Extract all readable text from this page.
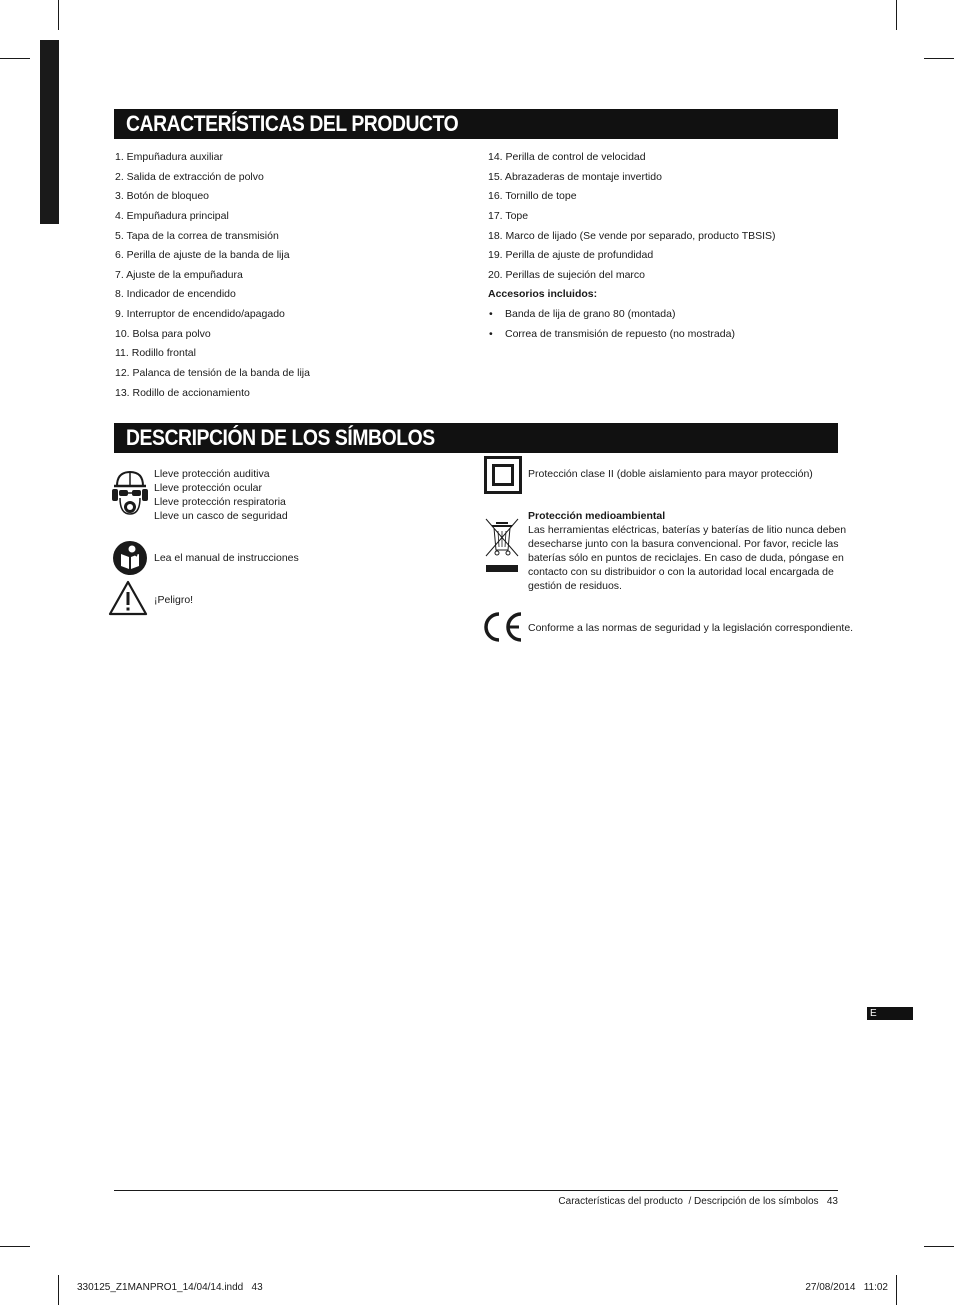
CARACTERÍSTICAS DEL PRODUCTO
1. Empuñadura auxiliar
2. Salida de extracción de polvo
3. Botón de bloqueo
4. Empuñadura principal
5. Tapa de la correa de transmisión
6. Perilla de ajuste de la banda de lija
7. Ajuste de la empuñadura
8. Indicador de encendido
9. Interruptor de encendido/apagado
10. Bolsa para polvo
11. Rodillo frontal
12. Palanca de tensión de la banda de lija
13. Rodillo de accionamiento
14. Perilla de control de velocidad
15. Abrazaderas de montaje invertido
16. Tornillo de tope
17. Tope
18. Marco de lijado (Se vende por separado, producto TBSIS)
19. Perilla de ajuste de profundidad
20. Perillas de sujeción del marco
Accesorios incluidos:
• Banda de lija de grano 80 (montada)
• Correa de transmisión de repuesto (no mostrada)
DESCRIPCIÓN DE LOS SÍMBOLOS

Lleve protección auditiva

Lleve protección ocular

Lleve protección respiratoria

Lleve un casco de seguridad

Lea el manual de instrucciones

¡Peligro!

Protección clase II (doble aislamiento para mayor protección)

Protección medioambiental

Las herramientas eléctricas, baterías y baterías de litio nunca deben

desecharse junto con la basura convencional. Por favor, recicle las

baterías sólo en puntos de reciclajes. En caso de duda, póngase en

contacto con su distribuidor o con la autoridad local encargada de

gestión de residuos.

Conforme a las normas de seguridad y la legislación correspondiente.

E
Características del producto  / Descripción de los símbolos   43
330125_Z1MANPRO1_14/04/14.indd   43	27/08/2014   11:02
